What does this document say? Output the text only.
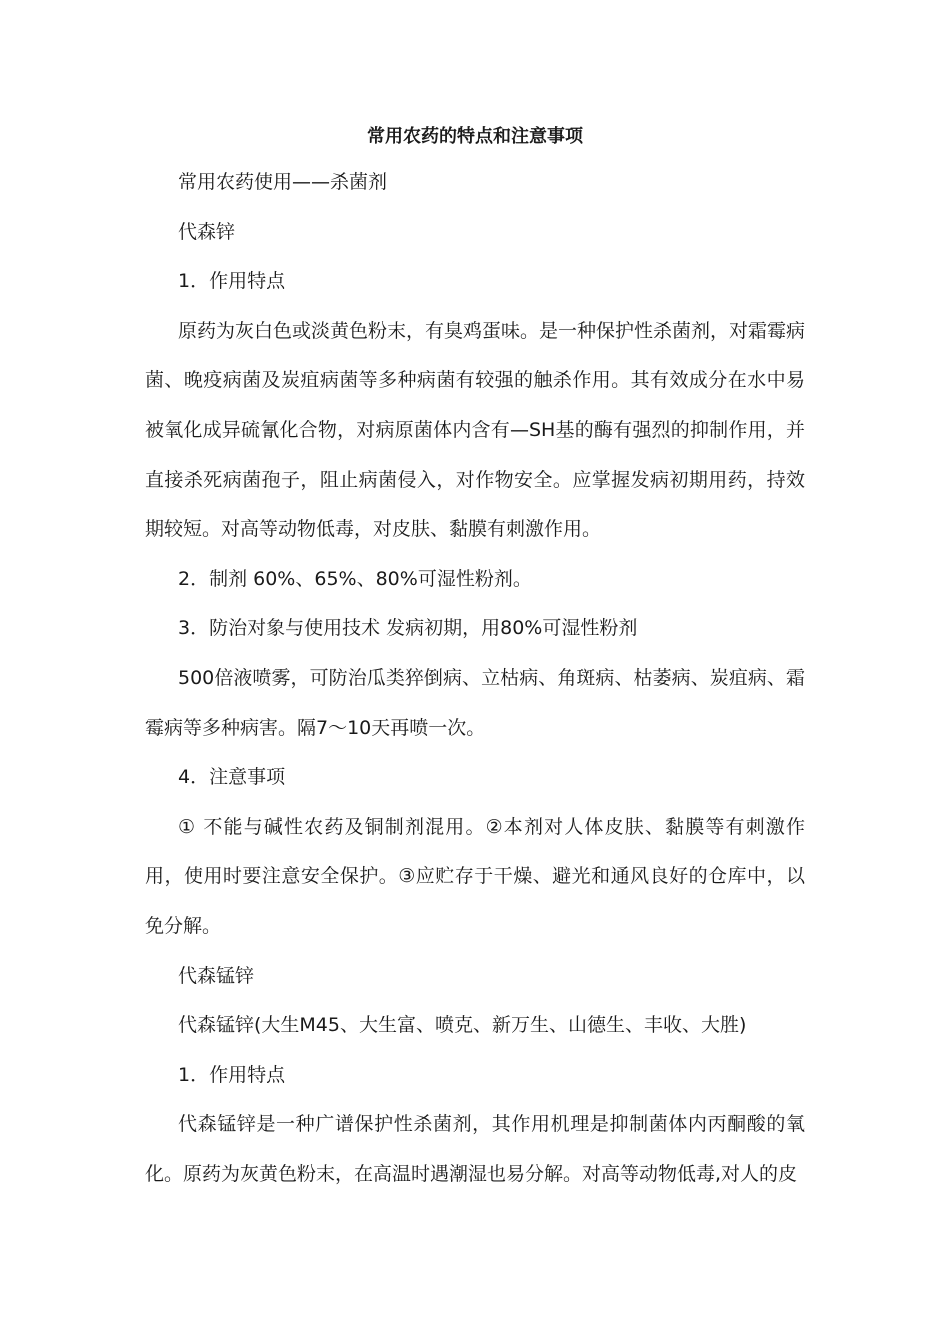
常用农药的特点和注意事项

常用农药使用——杀菌剂

代森锌

1．作用特点

原药为灰白色或淡黄色粉末，有臭鸡蛋味。是一种保护性杀菌剂，对霜霉病菌、晚疫病菌及炭疽病菌等多种病菌有较强的触杀作用。其有效成分在水中易被氧化成异硫氰化合物，对病原菌体内含有—SH基的酶有强烈的抑制作用，并直接杀死病菌孢子，阻止病菌侵入，对作物安全。应掌握发病初期用药，持效期较短。对高等动物低毒，对皮肤、黏膜有刺激作用。

2．制剂 60%、65%、80%可湿性粉剂。

3．防治对象与使用技术 发病初期，用80%可湿性粉剂

500倍液喷雾，可防治瓜类猝倒病、立枯病、角斑病、枯萎病、炭疽病、霜霉病等多种病害。隔7～10天再喷一次。

4．注意事项

① 不能与碱性农药及铜制剂混用。②本剂对人体皮肤、黏膜等有刺激作用，使用时要注意安全保护。③应贮存于干燥、避光和通风良好的仓库中，以免分解。

代森锰锌

代森锰锌(大生M45、大生富、喷克、新万生、山德生、丰收、大胜)

1．作用特点

代森锰锌是一种广谱保护性杀菌剂，其作用机理是抑制菌体内丙酮酸的氧化。原药为灰黄色粉末，在高温时遇潮湿也易分解。对高等动物低毒,对人的皮
